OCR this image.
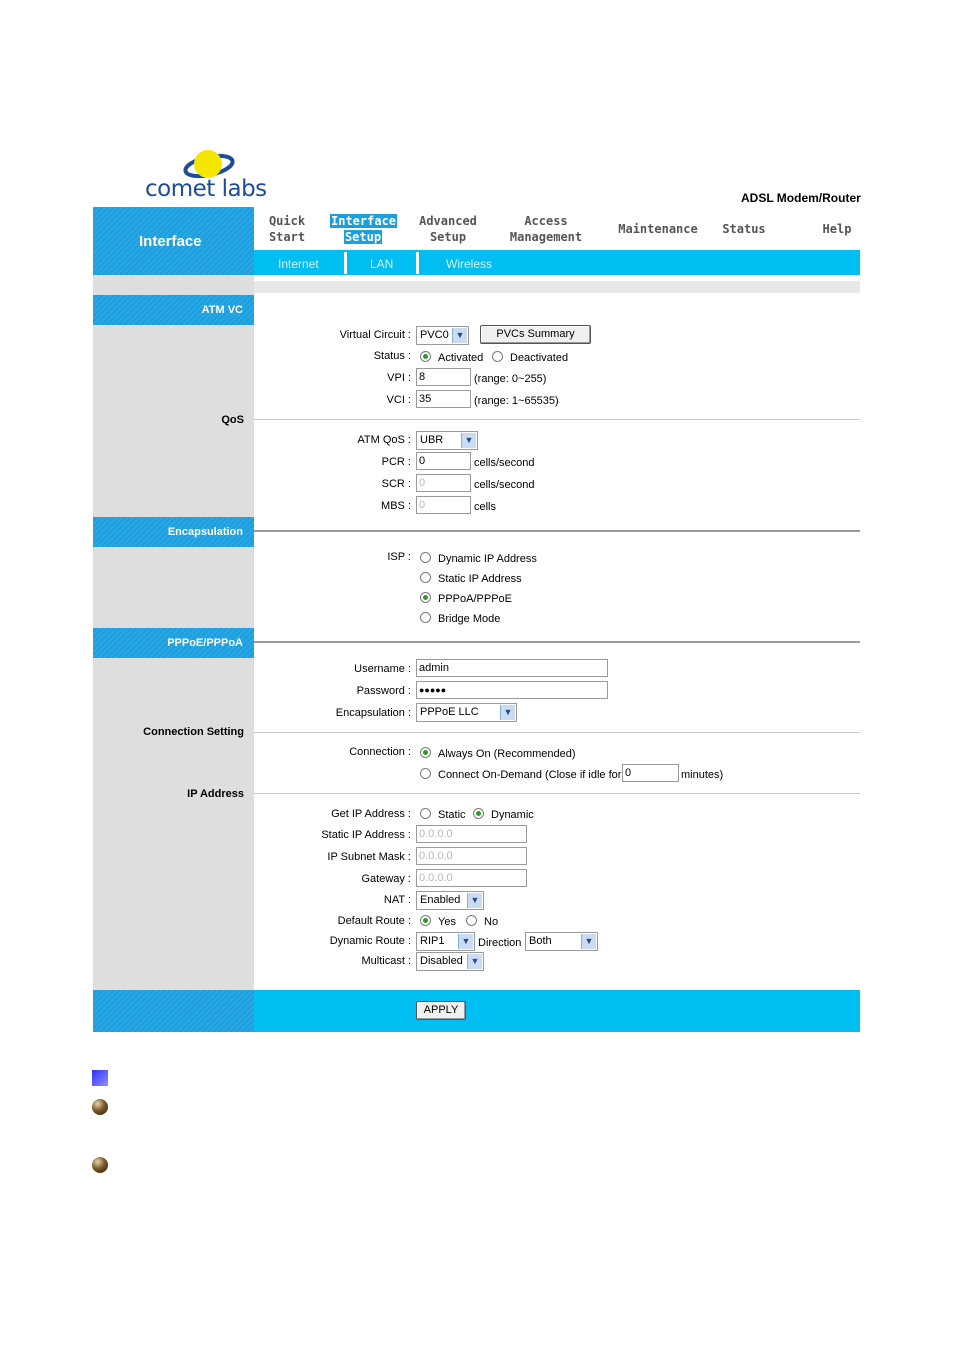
comet labs	ADSL Modem/Router
Interface
Quick
Start
Interface
Setup
Advanced
Setup
Access
Management
Maintenance	Status	Help
Internet	LAN	Wireless
ATM VC
QoS
Encapsulation
PPPoE/PPPoA
Connection Setting
IP Address
Virtual Circuit : PVC0 ▼	PVCs Summary
Status : Activated Deactivated
VPI : 8	(range: 0~255)
VCI : 35	(range: 1~65535)
ATM QoS : UBR	▼
PCR : 0	cells/second
SCR : 0	cells/second
MBS : 0	cells
ISP : Dynamic IP Address
Static IP Address
PPPoA/PPPoE
Bridge Mode
Username : admin
Password : ●●●●●
Encapsulation : PPPoE LLC	▼
Connection : Always On (Recommended)
Connect On-Demand (Close if idle for 0	minutes)
Get IP Address : Static Dynamic
Static IP Address : 0.0.0.0
IP Subnet Mask : 0.0.0.0
Gateway : 0.0.0.0
NAT : Enabled	▼
Default Route : Yes	No
Dynamic Route : RIP1	▼ Direction Both	▼
Multicast : Disabled ▼
APPLY
